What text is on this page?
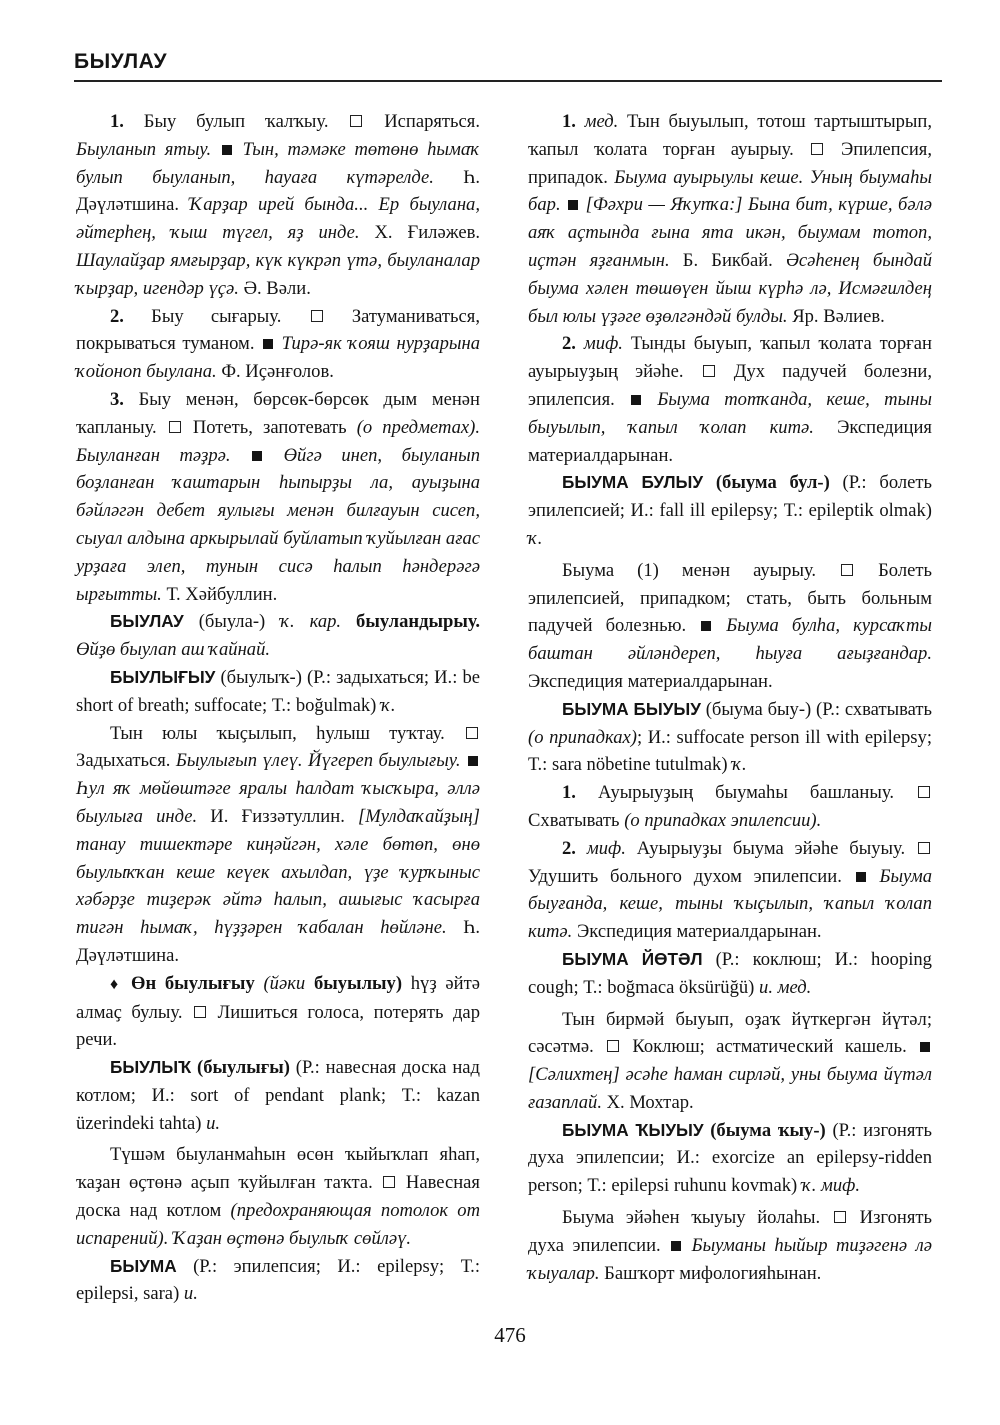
БЫУЛАУ

1. Быу булып ҡалҡыу.  Испаряться. Быуланып ятыу.  Тын, тәмәке төтөнө һымаҡ булып быуланып, һауаға күтәрелде. Һ. Дәүләтшина. Ҡарҙар ирей бында... Ер быулана, әйтерһең, ҡыш түгел, яҙ инде. Х. Ғиләжев. Шаулайҙар ямғырҙар, күк күкрәп үтә, быуланалар ҡырҙар, игендәр үҫә. Ә. Вәли.

2. Быу сығарыу.  Затуманиваться, покрываться туманом.  Тирә-як ҡояш нурҙарына ҡойоноп быулана. Ф. Иҫәнғолов.

3. Быу менән, бөрсөк-бөрсөк дым менән ҡапланыу.  Потеть, запотевать (о предметах). Быуланған тәҙрә.  Өйгә инеп, быуланып боҙланған ҡаштарын һыпырҙы ла, ауыҙына бәйләгән дебет яулығы менән билғауын сисеп, сыуал алдына аркырылай буйлатып ҡуйылған ағас урҙаға элеп, тунын сисә һалып һәндерәгә ырғытты. Т. Хәйбуллин.

БЫУЛАУ (быула-) ҡ. кар. быуландырыу. Өйҙө быулап аш ҡайнай.

БЫУЛЫҒЫУ (быулыҡ-) (Р.: задыхаться; И.: be short of breath; suffocate; Т.: boğulmak) ҡ.

Тын юлы ҡыҫылып, һулыш туҡтау.  Задыхаться. Быулығып үлеү. Йүгереп быулығыу.  Һул яҡ мөйөштәге яралы һалдат ҡысҡыра, әллә быулыға инде. И. Ғиззәтуллин. [Мулдаҡайҙың] танау тишектәре киңәйгән, хәле бөтөп, өнө быулыҡҡан кеше кеүек ахылдап, үҙе ҡурҡыныс хәбәрҙе тиҙерәк әйтә һалып, ашығыс ҡасырға тигән һымаҡ, һүҙҙәрен ҡабалан һөйләне. Һ. Дәүләтшина.

♦ Өн быулығыу (йәки быуылыу) һүҙ әйтә алмаҫ булыу.  Лишиться голоса, потерять дар речи.

БЫУЛЫҠ (быулығы) (Р.: навесная доска над котлом; И.: sort of pendant plank; Т.: kazan üzerindeki tahta) и.

Түшәм быуланмаһын өсөн ҡыйыҡлап яһап, ҡаҙан өҫтөнә аҫып ҡуйылған таҡта.  Навесная доска над котлом (предохраняющая потолок от испарений). Ҡаҙан өҫтөнә быулыҡ сөйләү.

БЫУМА (Р.: эпилепсия; И.: epilepsy; Т.: epilepsi, sara) и.

1. мед. Тын быуылып, тотош тартыштырып, ҡапыл ҡолата торған ауырыу.  Эпилепсия, припадок. Быума ауырыулы кеше. Уның быумаһы бар.  [Фәхри — Яҡупҡа:] Бына бит, күрше, бәлә аяҡ аҫтында ғына ята икән, быумам тотоп, иҫтән яҙғанмын. Б. Бикбай. Әсәһенең бындай быума хәлен төшөүен йыш күрһә лә, Исмәғилдең был юлы үҙәге өҙөлгәндәй булды. Яр. Вәлиев.

2. миф. Тынды быуып, ҡапыл ҡолата торған ауырыуҙың эйәһе.  Дух падучей болезни, эпилепсия.  Быума тотҡанда, кеше, тыны быуылып, ҡапыл ҡолап китә. Экспедиция материалдарынан.

БЫУМА БУЛЫУ (быума бул-) (Р.: болеть эпилепсией; И.: fall ill epilepsy; Т.: epileptik olmak) ҡ.

Быума (1) менән ауырыу.  Болеть эпилепсией, припадком; стать, быть больным падучей болезнью.  Быума булһа, курсаҡты баштан әйләндереп, һыуға ағыҙғандар. Экспедиция материалдарынан.

БЫУМА БЫУЫУ (быума быу-) (Р.: схватывать (о припадках); И.: suffocate person ill with epilepsy; Т.: sara nöbetine tutulmak) ҡ.

1. Ауырыуҙың быумаһы башланыу.  Схватывать (о припадках эпилепсии).

2. миф. Ауырыуҙы быума эйәһе быуыу.  Удушить больного духом эпилепсии.  Быума быуғанда, кеше, тыны ҡыҫылып, ҡапыл ҡолап китә. Экспедиция материалдарынан.

БЫУМА ЙӨТӘЛ (Р.: коклюш; И.: hooping cough; Т.: boğmaca öksürüğü) и. мед.

Тын бирмәй быуып, оҙаҡ йүткергән йүтәл; сәсәтмә.  Коклюш; астматический кашель.  [Сәлихтең] әсәһе һаман сирләй, уны быума йүтәл ғазаплай. Х. Мохтар.

БЫУМА ҠЫУЫУ (быума ҡыу-) (Р.: изгонять духа эпилепсии; И.: exorcize an epilepsy-ridden person; Т.: epilepsi ruhunu kovmak) ҡ. миф.

Быума эйәһен ҡыуыу йолаһы.  Изгонять духа эпилепсии.  Быуманы һыйыр тиҙәгенә лә ҡыуалар. Башҡорт мифологияһынан.

476
